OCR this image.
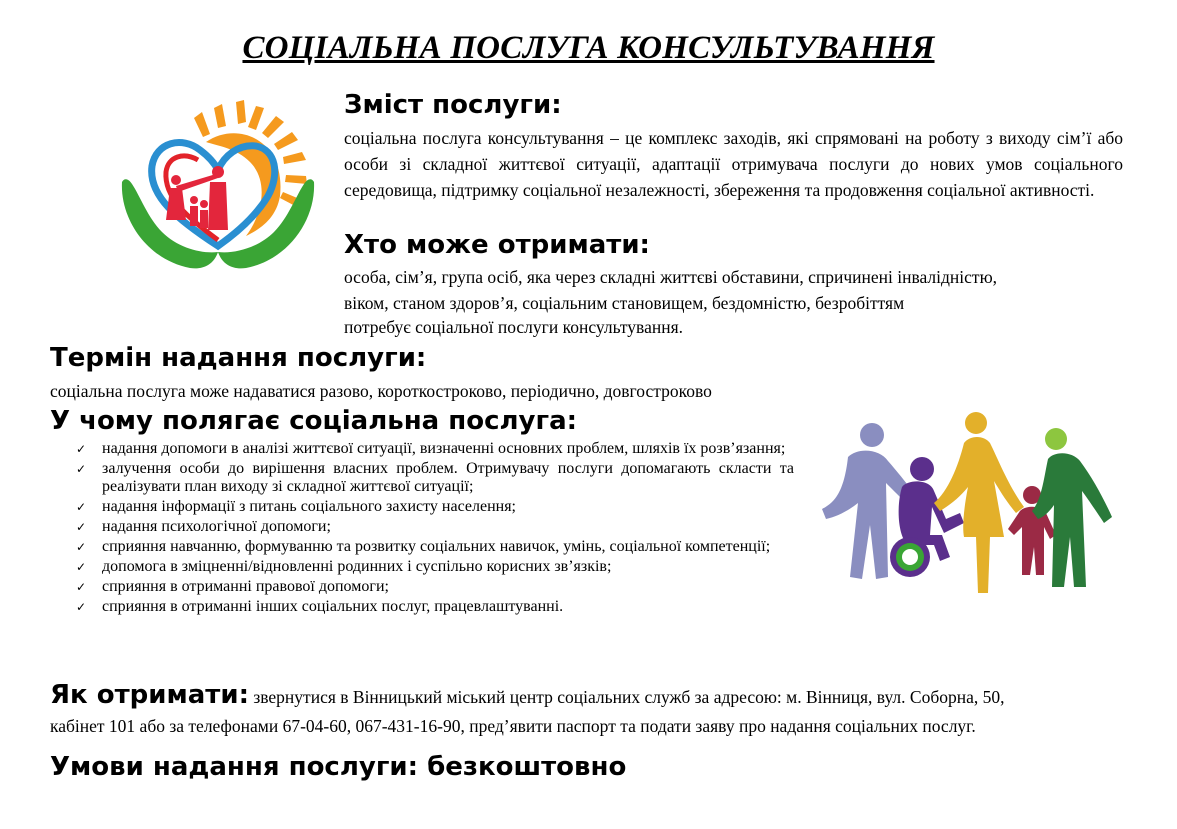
СОЦІАЛЬНА ПОСЛУГА КОНСУЛЬТУВАННЯ
Зміст послуги:
соціальна послуга консультування – це комплекс заходів, які спрямовані на роботу з виходу сім’ї або особи зі складної життєвої ситуації, адаптації отримувача послуги до нових умов соціального середовища, підтримку соціальної незалежності, збереження та продовження соціальної активності.
Хто може отримати:
особа, сім’я, група осіб, яка через складні життєві обставини, спричинені інвалідністю,
віком, станом здоров’я, соціальним становищем, бездомністю, безробіттям
потребує соціальної послуги консультування.
Термін надання послуги:
соціальна послуга може надаватися разово, короткостроково, періодично, довгостроково
У чому полягає соціальна послуга:
✓ надання допомоги в аналізі життєвої ситуації, визначенні основних проблем, шляхів їх розв’язання;
✓ залучення особи до вирішення власних проблем. Отримувачу послуги допомагають скласти та реалізувати план виходу зі складної життєвої ситуації;
✓ надання інформації з питань соціального захисту населення;
✓ надання психологічної допомоги;
✓ сприяння навчанню, формуванню та розвитку соціальних навичок, умінь, соціальної компетенції;
✓ допомога в зміцненні/відновленні родинних і суспільно корисних зв’язків;
✓ сприяння в отриманні правової допомоги;
✓ сприяння в отриманні інших соціальних послуг, працевлаштуванні.
Як отримати: звернутися в Вінницький міський центр соціальних служб за адресою: м. Вінниця, вул. Соборна, 50,
кабінет 101 або за телефонами 67-04-60, 067-431-16-90, пред’явити паспорт та подати заяву про надання соціальних послуг.
Умови надання послуги: безкоштовно
